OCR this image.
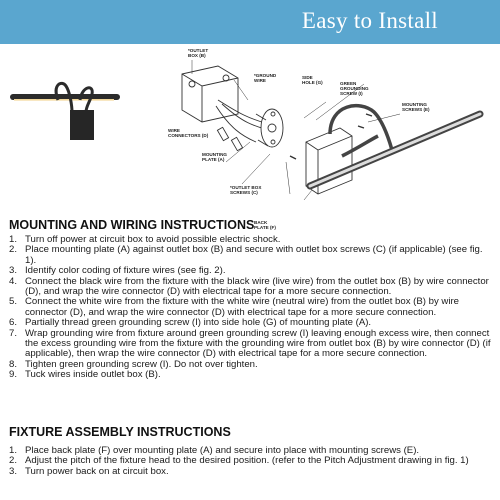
Easy to Install
*OUTLET
BOX (B)
*GROUND
WIRE
SIDE
HOLE (G)	GREEN
GROUNDING
SCREW (I)
MOUNTING
SCREWS (E)
WIRE
CONNECTORS (D)
MOUNTING
PLATE (A)
*OUTLET BOX
SCREWS (C)
BACK
PLATE (F)
MOUNTING AND WIRING INSTRUCTIONS
1. Turn off power at circuit box to avoid possible electric shock.
2. Place mounting plate (A) against outlet box (B) and secure with outlet box screws (C) (if applicable) (see fig. 1).
3. Identify color coding of fixture wires (see fig. 2).
4. Connect the black wire from the fixture with the black wire (live wire) from the outlet box (B) by wire connector (D), and wrap the wire connector (D) with electrical tape for a more secure connection.
5. Connect the white wire from the fixture with the white wire (neutral wire) from the outlet box (B) by wire connector (D), and wrap the wire connector (D) with electrical tape for a more secure connection.
6. Partially thread green grounding screw (I) into side hole (G) of mounting plate (A).
7. Wrap grounding wire from fixture around green grounding screw (I) leaving enough excess wire, then connect the excess grounding wire from the fixture with the grounding wire from outlet box (B) by wire connector (D) (if applicable), then wrap the wire connector (D) with electrical tape for a more secure connection.
8. Tighten green grounding screw (I). Do not over tighten.
9. Tuck wires inside outlet box (B).
FIXTURE ASSEMBLY INSTRUCTIONS
1. Place back plate (F) over mounting plate (A) and secure into place with mounting screws (E).
2. Adjust the pitch of the fixture head to the desired position. (refer to the Pitch Adjustment drawing in fig. 1)
3. Turn power back on at circuit box.
